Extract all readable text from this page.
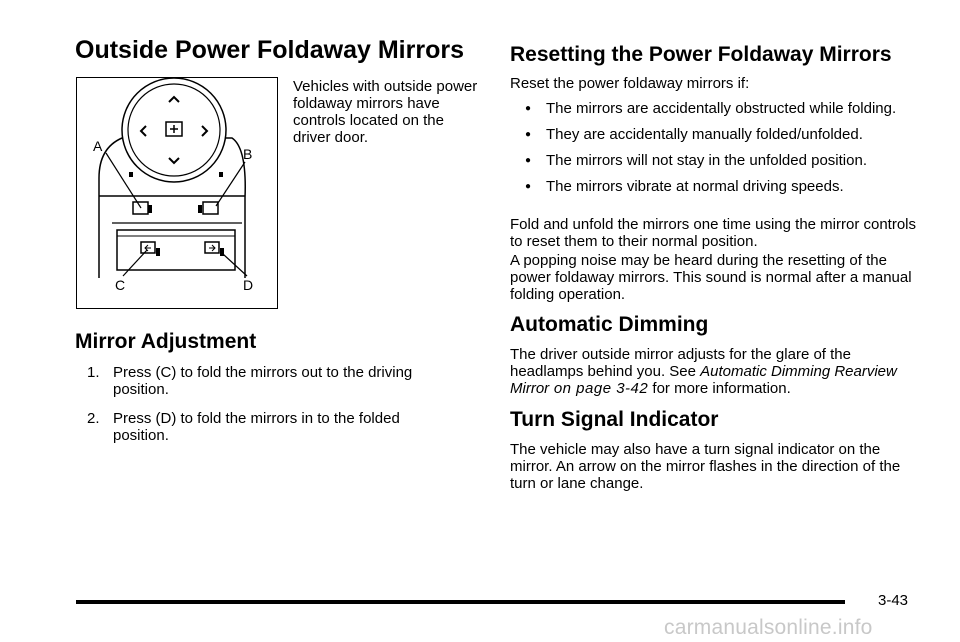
Outside Power Foldaway Mirrors
A	B
C	D

Vehicles with outside power foldaway mirrors have controls located on the driver door.

Mirror Adjustment

1. Press (C) to fold the mirrors out to the driving position.

2. Press (D) to fold the mirrors in to the folded position.

Resetting the Power Foldaway Mirrors

Reset the power foldaway mirrors if:

● The mirrors are accidentally obstructed while folding.

● They are accidentally manually folded/unfolded.

● The mirrors will not stay in the unfolded position.

● The mirrors vibrate at normal driving speeds.

Fold and unfold the mirrors one time using the mirror controls to reset them to their normal position.

A popping noise may be heard during the resetting of the power foldaway mirrors. This sound is normal after a manual folding operation.

Automatic Dimming

The driver outside mirror adjusts for the glare of the headlamps behind you. See Automatic Dimming Rearview Mirror on page 3-42 for more information.

Turn Signal Indicator

The vehicle may also have a turn signal indicator on the mirror. An arrow on the mirror flashes in the direction of the turn or lane change.

3-43
carmanualsonline.info
